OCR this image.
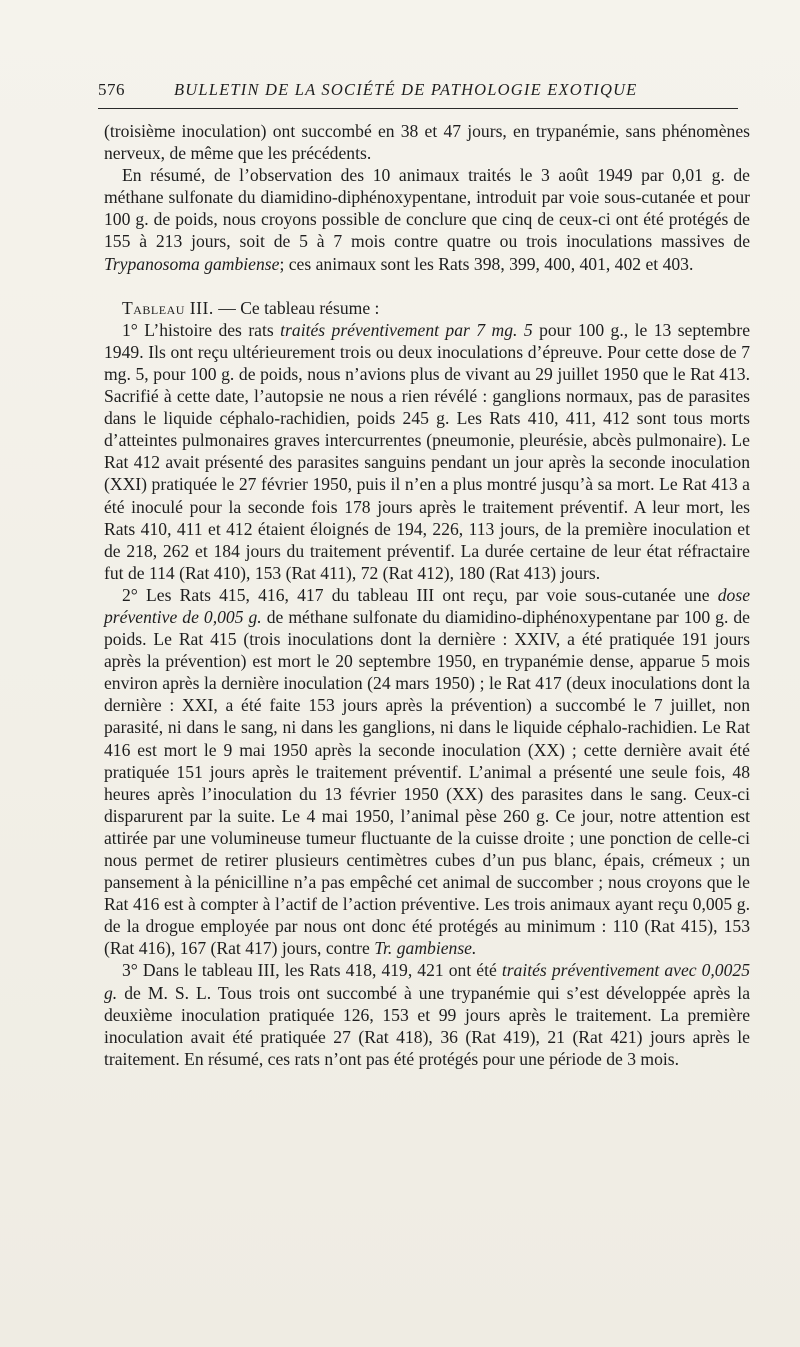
576	BULLETIN DE LA SOCIÉTÉ DE PATHOLOGIE EXOTIQUE

(troisième inoculation) ont succombé en 38 et 47 jours, en trypanémie, sans phénomènes nerveux, de même que les précédents.

En résumé, de l’observation des 10 animaux traités le 3 août 1949 par 0,01 g. de méthane sulfonate du diamidino-diphénoxypentane, introduit par voie sous-cutanée et pour 100 g. de poids, nous croyons possible de conclure que cinq de ceux-ci ont été protégés de 155 à 213 jours, soit de 5 à 7 mois contre quatre ou trois inoculations massives de Trypanosoma gambiense; ces animaux sont les Rats 398, 399, 400, 401, 402 et 403.

Tableau III. — Ce tableau résume :

1° L’histoire des rats traités préventivement par 7 mg. 5 pour 100 g., le 13 septembre 1949. Ils ont reçu ultérieurement trois ou deux inoculations d’épreuve. Pour cette dose de 7 mg. 5, pour 100 g. de poids, nous n’avions plus de vivant au 29 juillet 1950 que le Rat 413. Sacrifié à cette date, l’autopsie ne nous a rien révélé : ganglions normaux, pas de parasites dans le liquide céphalo-rachidien, poids 245 g. Les Rats 410, 411, 412 sont tous morts d’atteintes pulmonaires graves intercurrentes (pneumonie, pleurésie, abcès pulmonaire). Le Rat 412 avait présenté des parasites sanguins pendant un jour après la seconde inoculation (XXI) pratiquée le 27 février 1950, puis il n’en a plus montré jusqu’à sa mort. Le Rat 413 a été inoculé pour la seconde fois 178 jours après le traitement préventif. A leur mort, les Rats 410, 411 et 412 étaient éloignés de 194, 226, 113 jours, de la première inoculation et de 218, 262 et 184 jours du traitement préventif. La durée certaine de leur état réfractaire fut de 114 (Rat 410), 153 (Rat 411), 72 (Rat 412), 180 (Rat 413) jours.

2° Les Rats 415, 416, 417 du tableau III ont reçu, par voie sous-cutanée une dose préventive de 0,005 g. de méthane sulfonate du diamidino-diphénoxypentane par 100 g. de poids. Le Rat 415 (trois inoculations dont la dernière : XXIV, a été pratiquée 191 jours après la prévention) est mort le 20 septembre 1950, en trypanémie dense, apparue 5 mois environ après la dernière inoculation (24 mars 1950) ; le Rat 417 (deux inoculations dont la dernière : XXI, a été faite 153 jours après la prévention) a succombé le 7 juillet, non parasité, ni dans le sang, ni dans les ganglions, ni dans le liquide céphalo-rachidien. Le Rat 416 est mort le 9 mai 1950 après la seconde inoculation (XX) ; cette dernière avait été pratiquée 151 jours après le traitement préventif. L’animal a présenté une seule fois, 48 heures après l’inoculation du 13 février 1950 (XX) des parasites dans le sang. Ceux-ci disparurent par la suite. Le 4 mai 1950, l’animal pèse 260 g. Ce jour, notre attention est attirée par une volumineuse tumeur fluctuante de la cuisse droite ; une ponction de celle-ci nous permet de retirer plusieurs centimètres cubes d’un pus blanc, épais, crémeux ; un pansement à la pénicilline n’a pas empêché cet animal de succomber ; nous croyons que le Rat 416 est à compter à l’actif de l’action préventive. Les trois animaux ayant reçu 0,005 g. de la drogue employée par nous ont donc été protégés au minimum : 110 (Rat 415), 153 (Rat 416), 167 (Rat 417) jours, contre Tr. gambiense.

3° Dans le tableau III, les Rats 418, 419, 421 ont été traités préventivement avec 0,0025 g. de M. S. L. Tous trois ont succombé à une trypanémie qui s’est développée après la deuxième inoculation pratiquée 126, 153 et 99 jours après le traitement. La première inoculation avait été pratiquée 27 (Rat 418), 36 (Rat 419), 21 (Rat 421) jours après le traitement. En résumé, ces rats n’ont pas été protégés pour une période de 3 mois.
